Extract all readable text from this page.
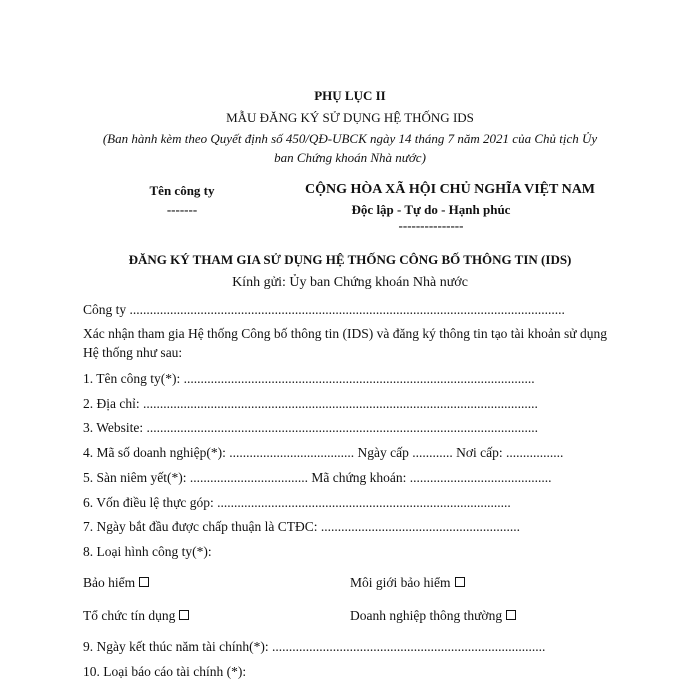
PHỤ LỤC II
MẪU ĐĂNG KÝ SỬ DỤNG HỆ THỐNG IDS
(Ban hành kèm theo Quyết định số 450/QĐ-UBCK ngày 14 tháng 7 năm 2021 của Chủ tịch Ủy
ban Chứng khoán Nhà nước)
Tên công ty
-------
CỘNG HÒA XÃ HỘI CHỦ NGHĨA VIỆT NAM
Độc lập - Tự do - Hạnh phúc
---------------
ĐĂNG KÝ THAM GIA SỬ DỤNG HỆ THỐNG CÔNG BỐ THÔNG TIN (IDS)
Kính gửi: Ủy ban Chứng khoán Nhà nước
Công ty .................................................................................................................................
Xác nhận tham gia Hệ thống Công bố thông tin (IDS) và đăng ký thông tin tạo tài khoản sử dụng
Hệ thống như sau:
1. Tên công ty(*): ........................................................................................................
2. Địa chỉ: .....................................................................................................................
3. Website: ....................................................................................................................
4. Mã số doanh nghiệp(*): ..................................... Ngày cấp ............ Nơi cấp: .................
5. Sàn niêm yết(*): ................................... Mã chứng khoán: ..........................................
6. Vốn điều lệ thực góp: .......................................................................................
7. Ngày bắt đầu được chấp thuận là CTĐC: ...........................................................
8. Loại hình công ty(*):
Bảo hiểm	Môi giới bảo hiểm
Tổ chức tín dụng	Doanh nghiệp thông thường
9. Ngày kết thúc năm tài chính(*): .................................................................................
10. Loại báo cáo tài chính (*):
